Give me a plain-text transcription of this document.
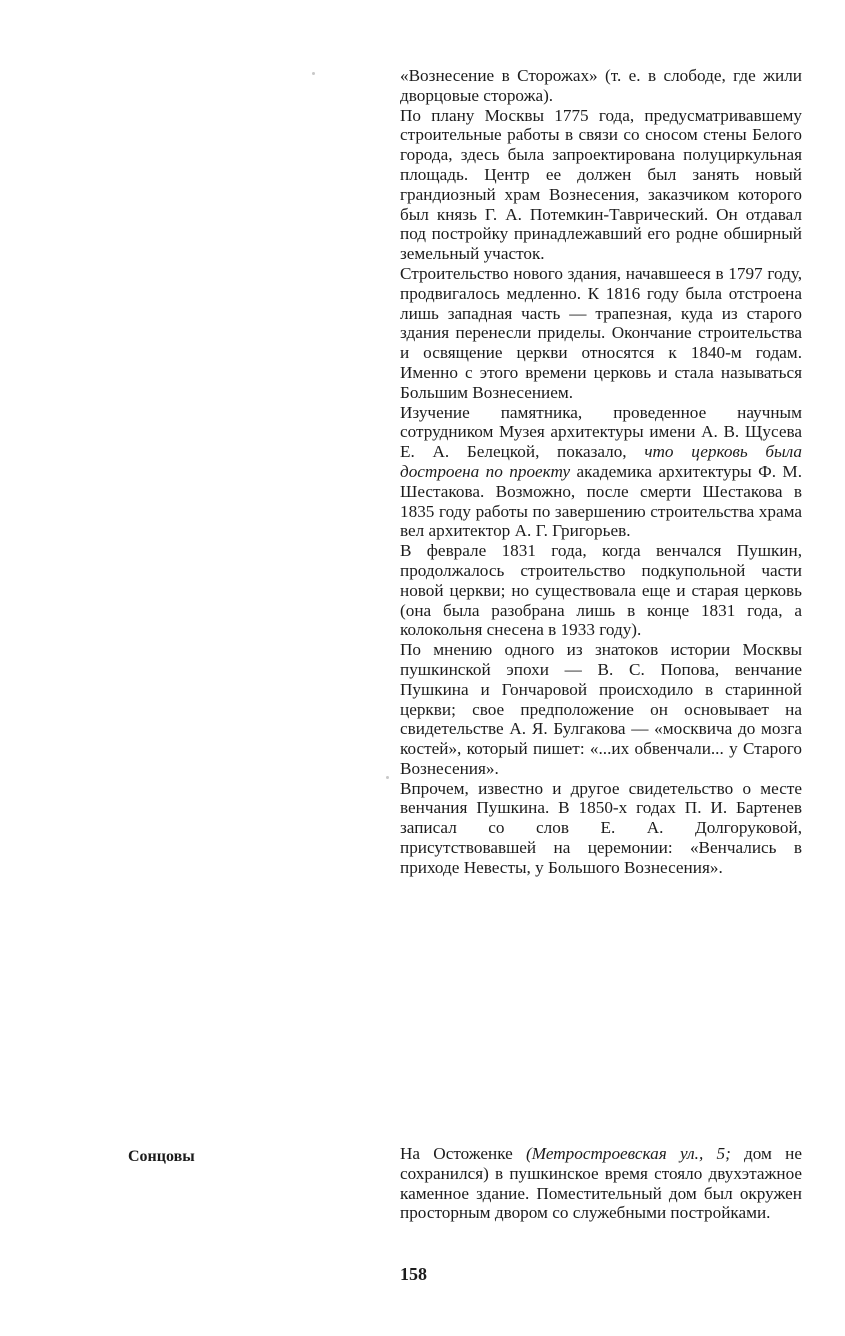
«Вознесение в Сторожах» (т. е. в слободе, где жили дворцовые сторожа).

По плану Москвы 1775 года, предусматривавшему строительные работы в связи со сносом стены Белого города, здесь была запроектирована полуциркульная площадь. Центр ее должен был занять новый грандиозный храм Вознесения, заказчиком которого был князь Г. А. Потемкин-Таврический. Он отдавал под постройку принадлежавший его родне обширный земельный участок.

Строительство нового здания, начавшееся в 1797 году, продвигалось медленно. К 1816 году была отстроена лишь западная часть — трапезная, куда из старого здания перенесли приделы. Окончание строительства и освящение церкви относятся к 1840-м годам. Именно с этого времени церковь и стала называться Большим Вознесением.

Изучение памятника, проведенное научным сотрудником Музея архитектуры имени А. В. Щусева Е. А. Белецкой, показало, что церковь была достроена по проекту академика архитектуры Ф. М. Шестакова. Возможно, после смерти Шестакова в 1835 году работы по завершению строительства храма вел архитектор А. Г. Григорьев.

В феврале 1831 года, когда венчался Пушкин, продолжалось строительство подкупольной части новой церкви; но существовала еще и старая церковь (она была разобрана лишь в конце 1831 года, а колокольня снесена в 1933 году).

По мнению одного из знатоков истории Москвы пушкинской эпохи — В. С. Попова, венчание Пушкина и Гончаровой происходило в старинной церкви; свое предположение он основывает на свидетельстве А. Я. Булгакова — «москвича до мозга костей», который пишет: «...их обвенчали... у Старого Вознесения».

Впрочем, известно и другое свидетельство о месте венчания Пушкина. В 1850-х годах П. И. Бартенев записал со слов Е. А. Долгоруковой, присутствовавшей на церемонии: «Венчались в приходе Невесты, у Большого Вознесения».

Сонцовы	На Остоженке (Метростроевская ул., 5; дом не сохранился) в пушкинское время стояло двухэтажное каменное здание. Поместительный дом был окружен просторным двором со служебными постройками.

158
